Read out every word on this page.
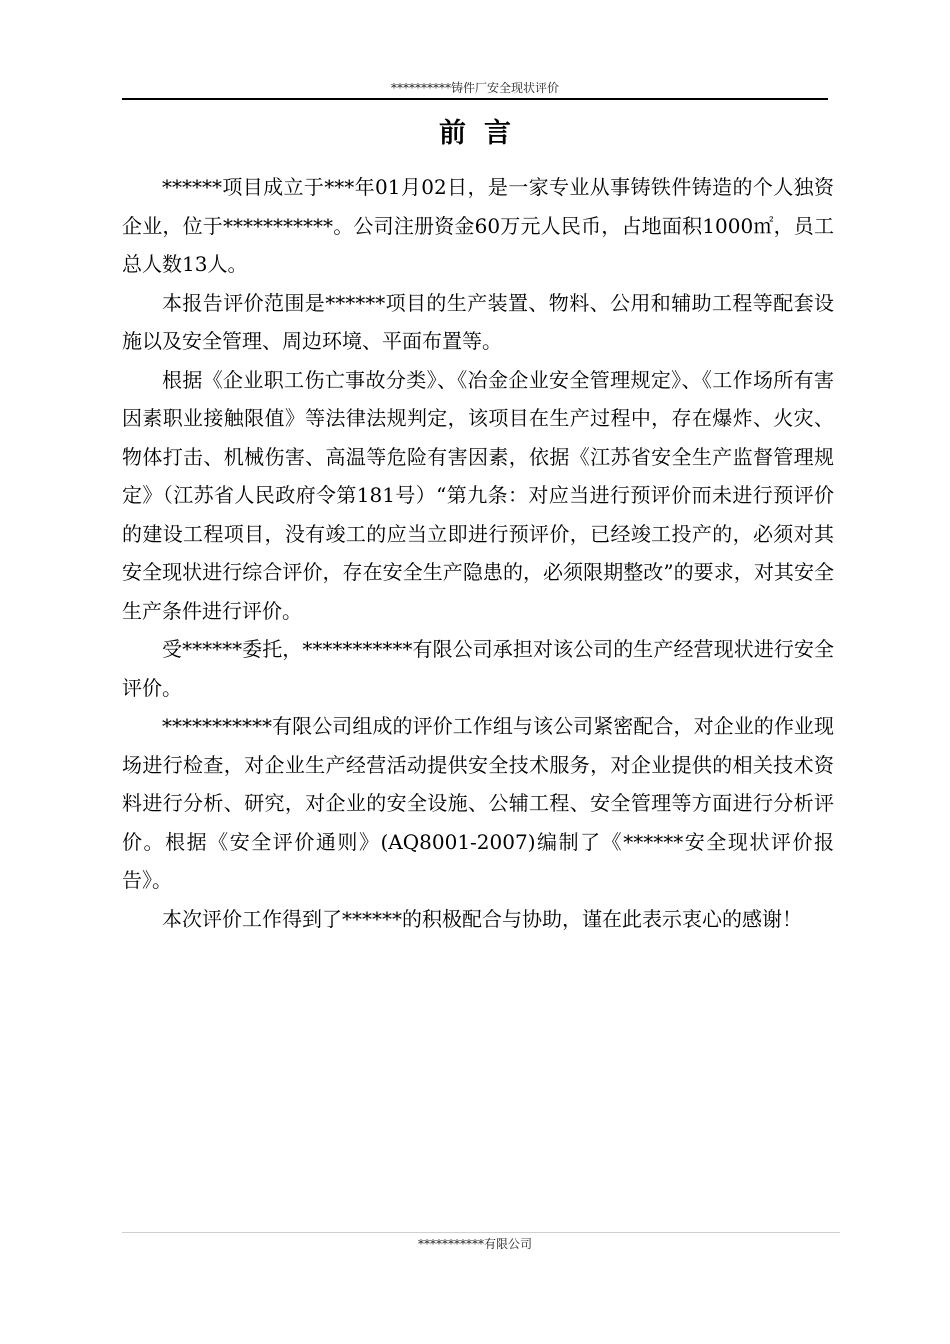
**********铸件厂安全现状评价
前言

******项目成立于***年01月02日，是一家专业从事铸铁件铸造的个人独资企业，位于***********。公司注册资金60万元人民币，占地面积1000㎡，员工总人数13人。

本报告评价范围是******项目的生产装置、物料、公用和辅助工程等配套设施以及安全管理、周边环境、平面布置等。

根据《企业职工伤亡事故分类》、《冶金企业安全管理规定》、《工作场所有害因素职业接触限值》等法律法规判定，该项目在生产过程中，存在爆炸、火灾、物体打击、机械伤害、高温等危险有害因素，依据《江苏省安全生产监督管理规定》（江苏省人民政府令第181号）“第九条：对应当进行预评价而未进行预评价的建设工程项目，没有竣工的应当立即进行预评价，已经竣工投产的，必须对其安全现状进行综合评价，存在安全生产隐患的，必须限期整改”的要求，对其安全生产条件进行评价。

受******委托，***********有限公司承担对该公司的生产经营现状进行安全评价。

***********有限公司组成的评价工作组与该公司紧密配合，对企业的作业现场进行检查，对企业生产经营活动提供安全技术服务，对企业提供的相关技术资料进行分析、研究，对企业的安全设施、公辅工程、安全管理等方面进行分析评价。根据《安全评价通则》(AQ8001-2007)编制了《******安全现状评价报告》。

本次评价工作得到了******的积极配合与协助，谨在此表示衷心的感谢！

***********有限公司
